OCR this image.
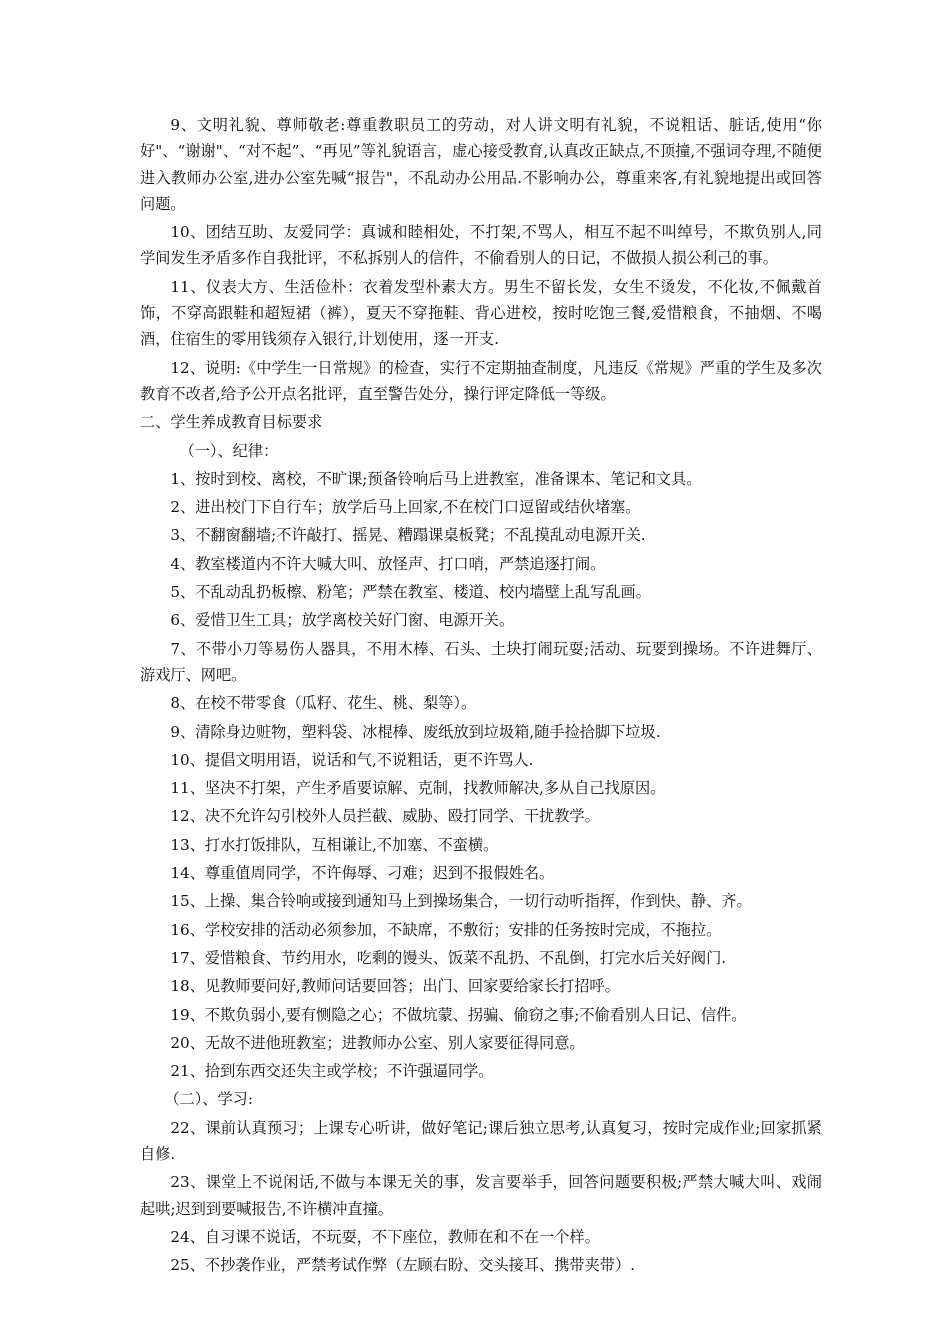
9、文明礼貌、尊师敬老:尊重教职员工的劳动，对人讲文明有礼貌，不说粗话、脏话,使用“你好"、“谢谢"、“对不起”、“再见”等礼貌语言，虚心接受教育,认真改正缺点,不顶撞,不强词夺理,不随便进入教师办公室,进办公室先喊“报告"，不乱动办公用品.不影响办公，尊重来客,有礼貌地提出或回答问题。

10、团结互助、友爱同学：真诚和睦相处，不打架,不骂人，相互不起不叫绰号，不欺负别人,同学间发生矛盾多作自我批评，不私拆别人的信件，不偷看别人的日记，不做损人损公利己的事。

11、仪表大方、生活俭朴：衣着发型朴素大方。男生不留长发，女生不烫发，不化妆,不佩戴首饰，不穿高跟鞋和超短裙（裤），夏天不穿拖鞋、背心进校，按时吃饱三餐,爱惜粮食，不抽烟、不喝酒，住宿生的零用钱须存入银行,计划使用，逐一开支.

12、说明:《中学生一日常规》的检查，实行不定期抽查制度，凡违反《常规》严重的学生及多次教育不改者,给予公开点名批评，直至警告处分，操行评定降低一等级。

二、学生养成教育目标要求

（一）、纪律：

1、按时到校、离校，不旷课;预备铃响后马上进教室，准备课本、笔记和文具。

2、进出校门下自行车；放学后马上回家,不在校门口逗留或结伙堵塞。

3、不翻窗翻墙;不许敲打、摇晃、糟蹋课桌板凳；不乱摸乱动电源开关.

4、教室楼道内不许大喊大叫、放怪声、打口哨，严禁追逐打闹。

5、不乱动乱扔板檫、粉笔；严禁在教室、楼道、校内墙壁上乱写乱画。

6、爱惜卫生工具；放学离校关好门窗、电源开关。

7、不带小刀等易伤人器具，不用木棒、石头、土块打闹玩耍;活动、玩要到操场。不许进舞厅、游戏厅、网吧。

8、在校不带零食（瓜籽、花生、桃、梨等）。

9、清除身边赃物，塑料袋、冰棍棒、废纸放到垃圾箱,随手捡拾脚下垃圾.

10、提倡文明用语，说话和气,不说粗话，更不许骂人.

11、坚决不打架，产生矛盾要谅解、克制，找教师解决,多从自己找原因。

12、决不允许勾引校外人员拦截、威胁、殴打同学、干扰教学。

13、打水打饭排队，互相谦让,不加塞、不蛮横。

14、尊重值周同学，不许侮辱、刁难；迟到不报假姓名。

15、上操、集合铃响或接到通知马上到操场集合，一切行动听指挥，作到快、静、齐。

16、学校安排的活动必须参加，不缺席，不敷衍；安排的任务按时完成，不拖拉。

17、爱惜粮食、节约用水，吃剩的馒头、饭菜不乱扔、不乱倒，打完水后关好阀门.

18、见教师要问好,教师问话要回答；出门、回家要给家长打招呼。

19、不欺负弱小,要有恻隐之心；不做坑蒙、拐骗、偷窃之事;不偷看别人日记、信件。

20、无故不进他班教室；进教师办公室、别人家要征得同意。

21、拾到东西交还失主或学校；不许强逼同学。

（二）、学习:

22、课前认真预习；上课专心听讲，做好笔记;课后独立思考,认真复习，按时完成作业;回家抓紧自修.

23、课堂上不说闲话,不做与本课无关的事，发言要举手，回答问题要积极;严禁大喊大叫、戏闹起哄;迟到到要喊报告,不许横冲直撞。

24、自习课不说话，不玩耍，不下座位，教师在和不在一个样。

25、不抄袭作业，严禁考试作弊（左顾右盼、交头接耳、携带夹带）.
